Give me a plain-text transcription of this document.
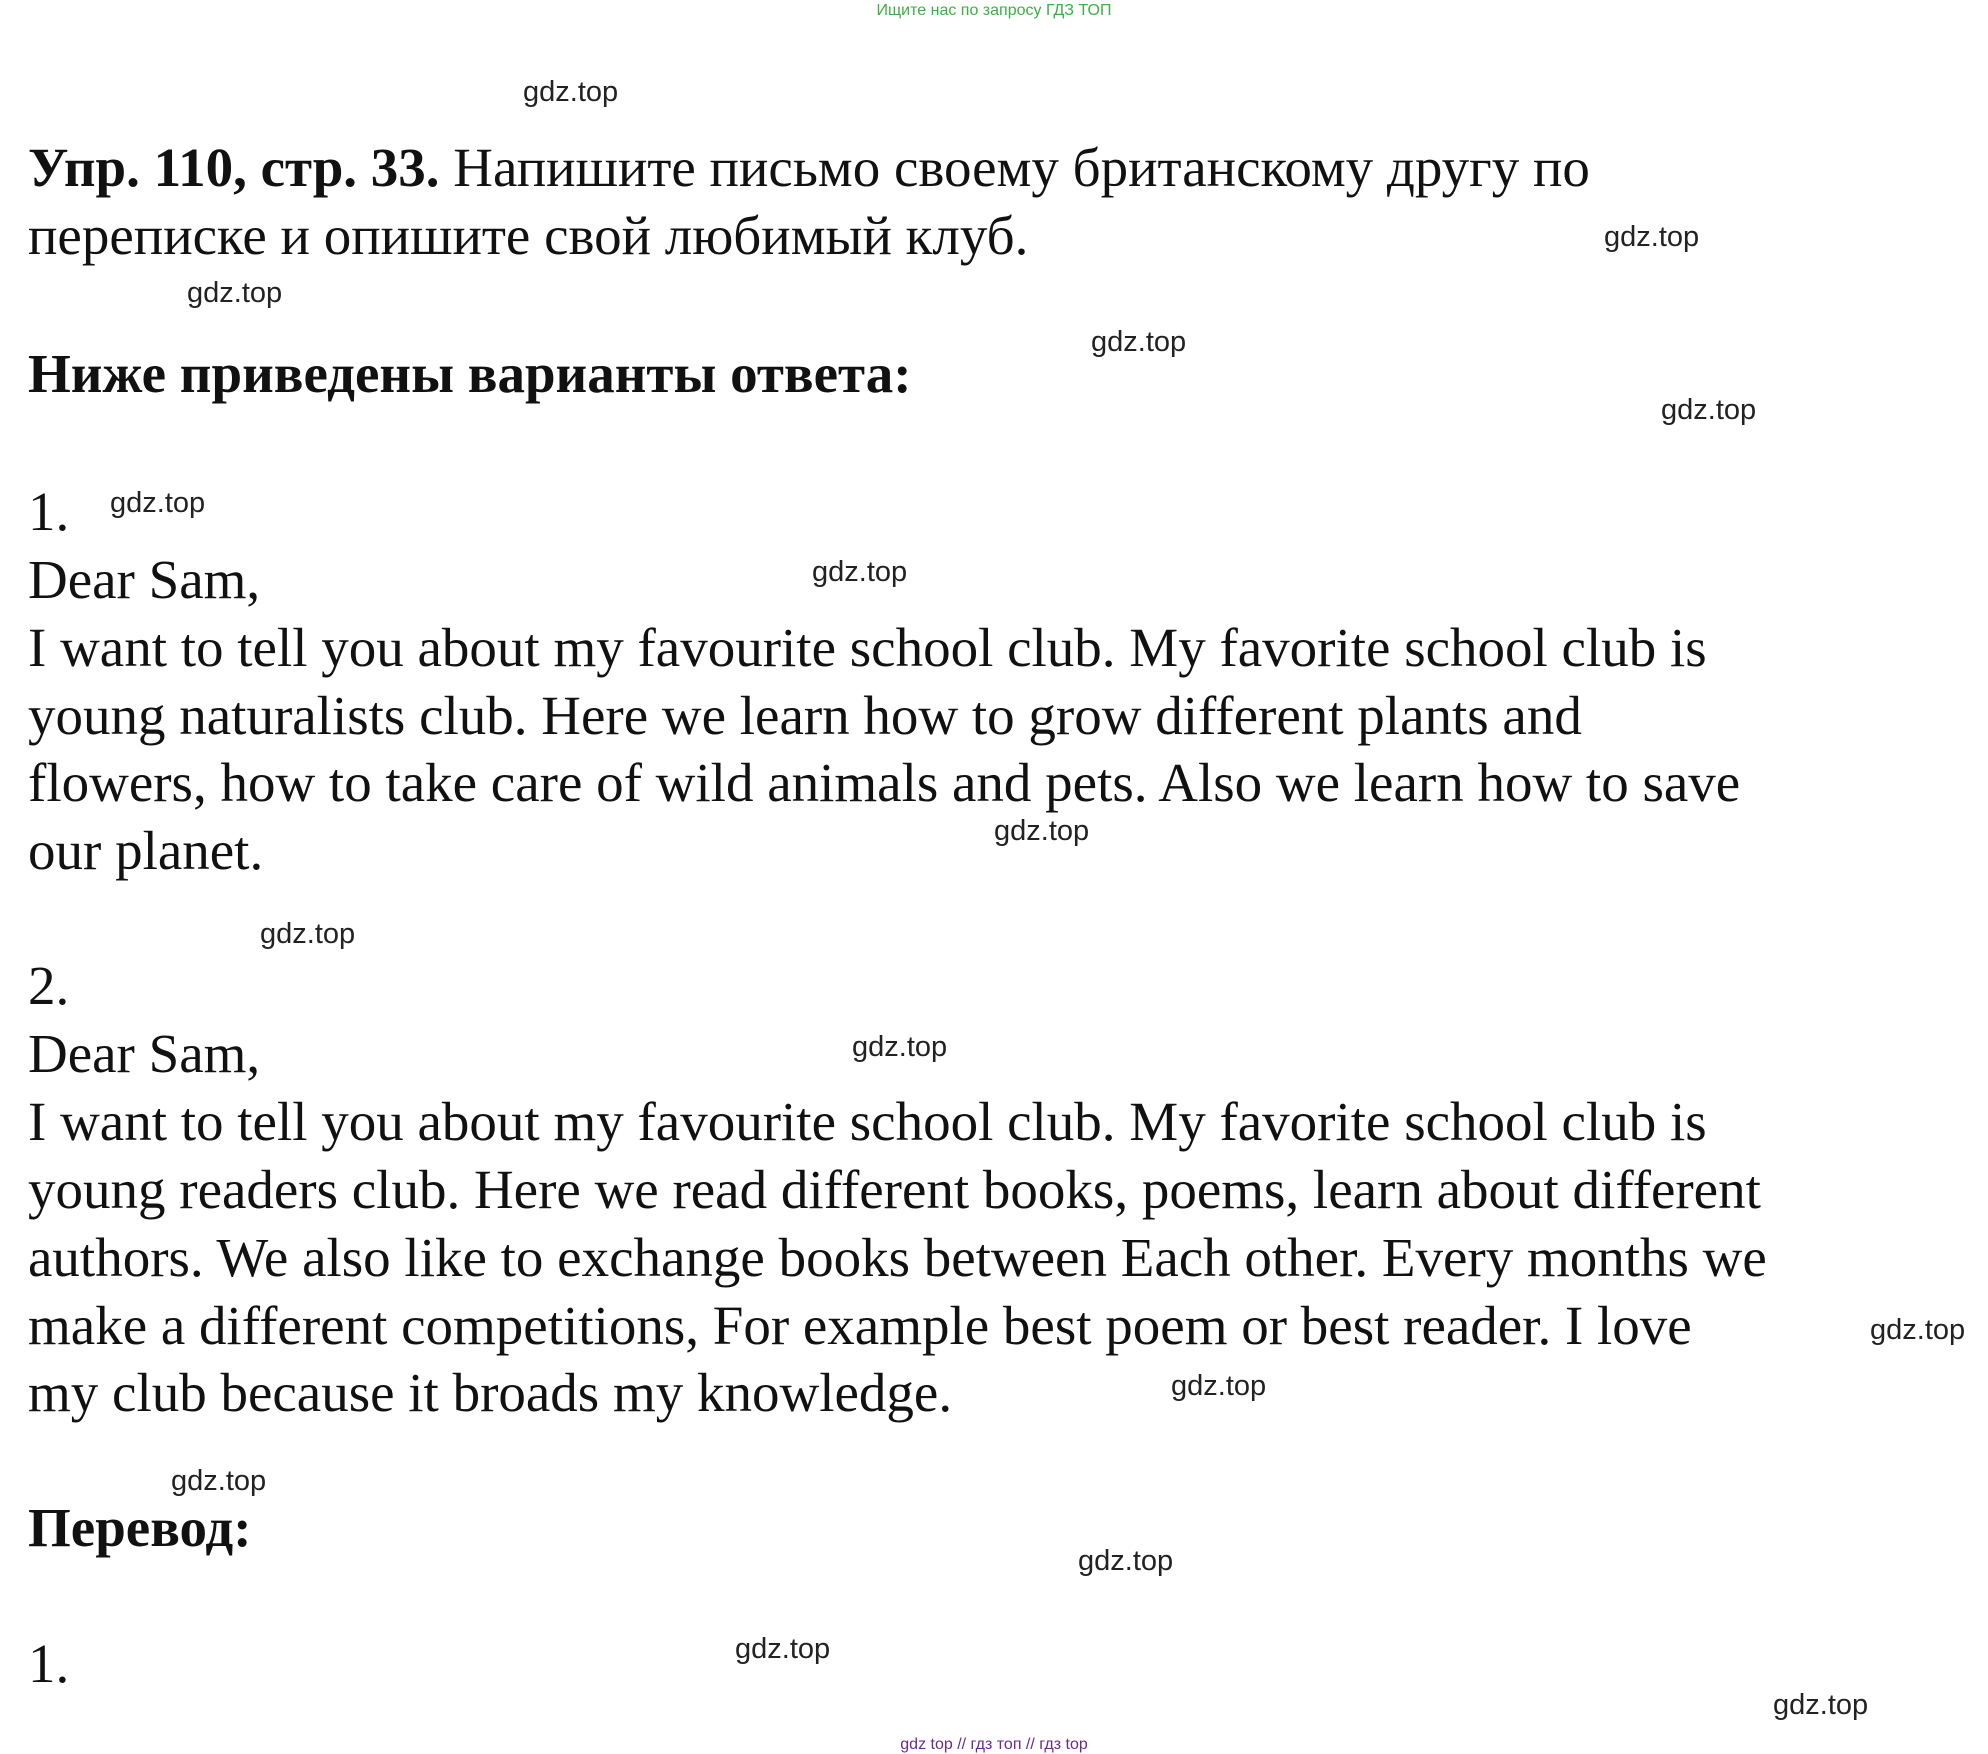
Ищите нас по запросу ГДЗ ТОП
Упр. 110, стр. 33. Напишите письмо своему британскому другу по
переписке и опишите свой любимый клуб.
Ниже приведены варианты ответа:
1.
Dear Sam,
I want to tell you about my favourite school club. My favorite school club is
young naturalists club. Here we learn how to grow different plants and
flowers, how to take care of wild animals and pets. Also we learn how to save
our planet.
2.
Dear Sam,
I want to tell you about my favourite school club. My favorite school club is
young readers club. Here we read different books, poems, learn about different
authors. We also like to exchange books between Each other. Every months we
make a different competitions, For example best poem or best reader. I love
my club because it broads my knowledge.
Перевод:
1.
gdz.top
gdz.top
gdz.top
gdz.top
gdz.top
gdz.top
gdz.top
gdz.top
gdz.top
gdz.top
gdz.top
gdz.top
gdz.top
gdz.top
gdz.top
gdz.top
gdz top // гдз топ // гдз top
